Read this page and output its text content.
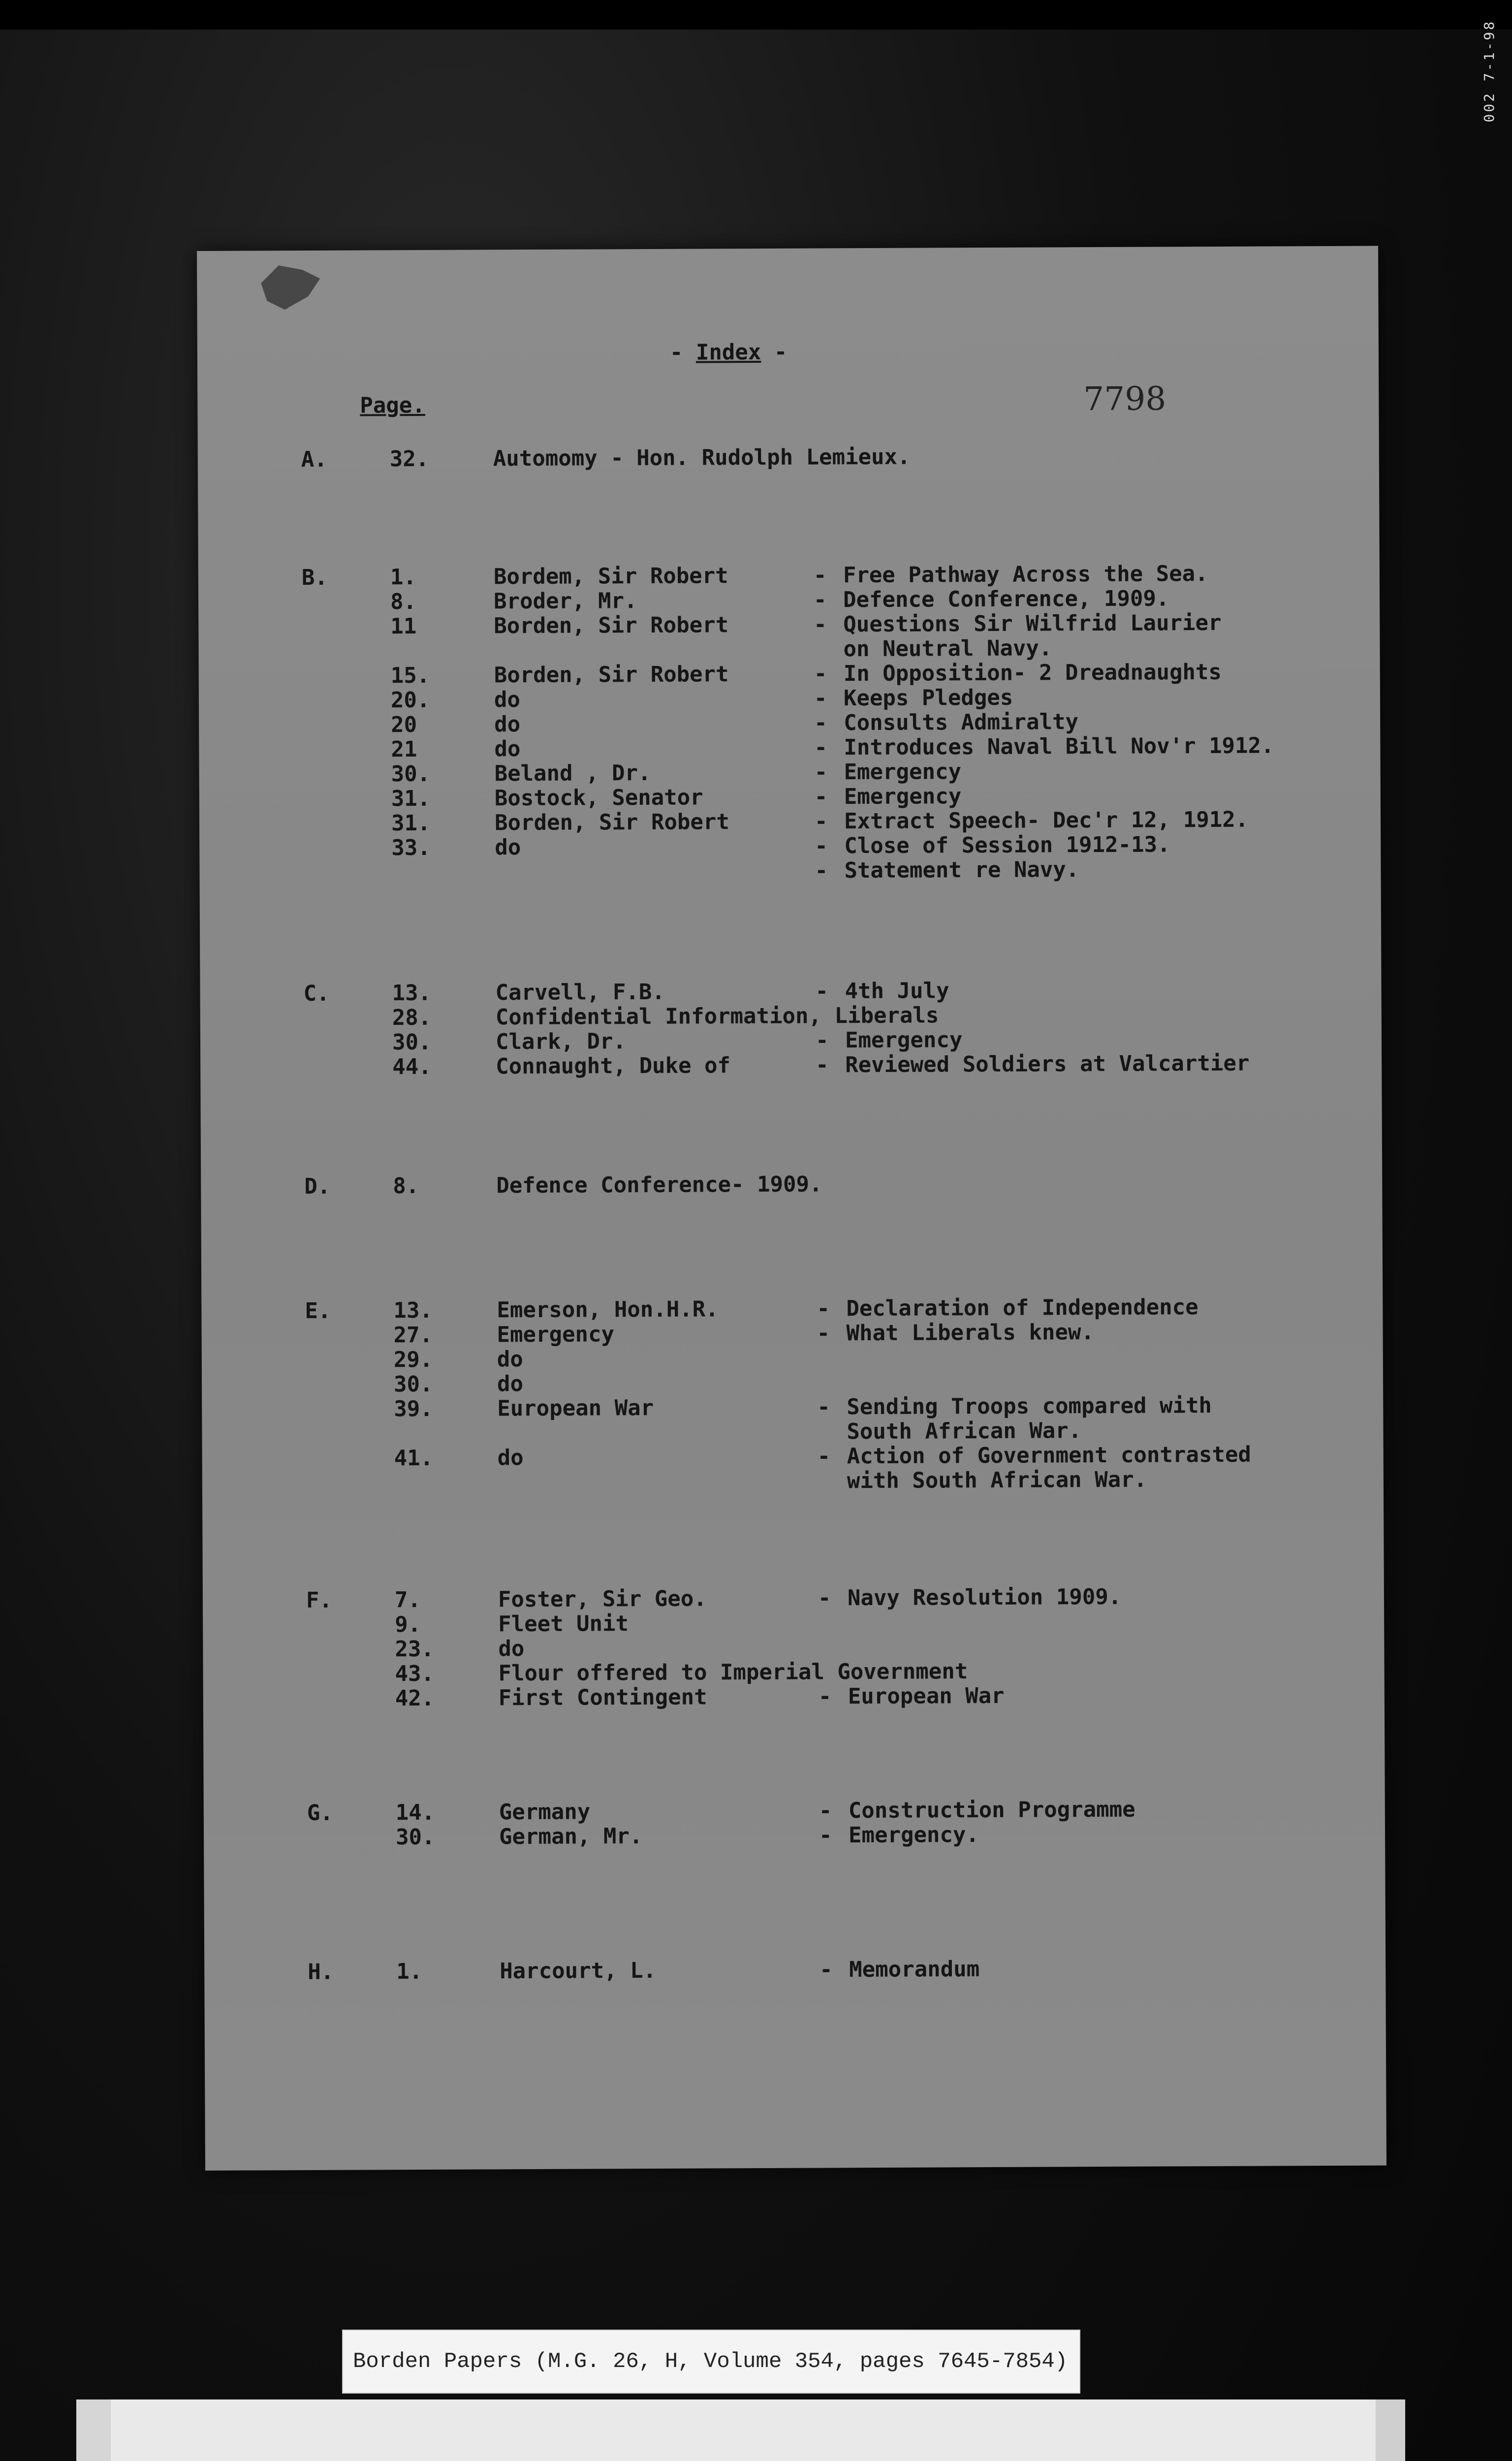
002 7-1-98
- Index -
Page.	7798
A.	32.	Automomy - Hon. Rudolph Lemieux.
B.	1.	Bordem, Sir Robert	- Free Pathway Across the Sea.
8.	Broder, Mr.	- Defence Conference, 1909.
11	Borden, Sir Robert	- Questions Sir Wilfrid Laurier
on Neutral Navy.
15.	Borden, Sir Robert	- In Opposition- 2 Dreadnaughts
20.	do	- Keeps Pledges
20	do	- Consults Admiralty
21	do	- Introduces Naval Bill Nov'r 1912.
30.	Beland , Dr.	- Emergency
31.	Bostock, Senator	- Emergency
31.	Borden, Sir Robert	- Extract Speech- Dec'r 12, 1912.
33.	do	- Close of Session 1912-13.
- Statement re Navy.
C.	13.	Carvell, F.B.	- 4th July
28.	Confidential Information, Liberals
30.	Clark, Dr.	- Emergency
44.	Connaught, Duke of	- Reviewed Soldiers at Valcartier
D.	8.	Defence Conference- 1909.
E.	13.	Emerson, Hon.H.R.	- Declaration of Independence
27.	Emergency	- What Liberals knew.
29.	do
30.	do
39.	European War	- Sending Troops compared with
South African War.
41.	do	- Action of Government contrasted
with South African War.
F.	7.	Foster, Sir Geo.	- Navy Resolution 1909.
9.	Fleet Unit
23.	do
43.	Flour offered to Imperial Government
42.	First Contingent	- European War
G.	14.	Germany	- Construction Programme
30.	German, Mr.	- Emergency.
H.	1.	Harcourt, L.	- Memorandum
Borden Papers (M.G. 26, H, Volume 354, pages 7645-7854)
